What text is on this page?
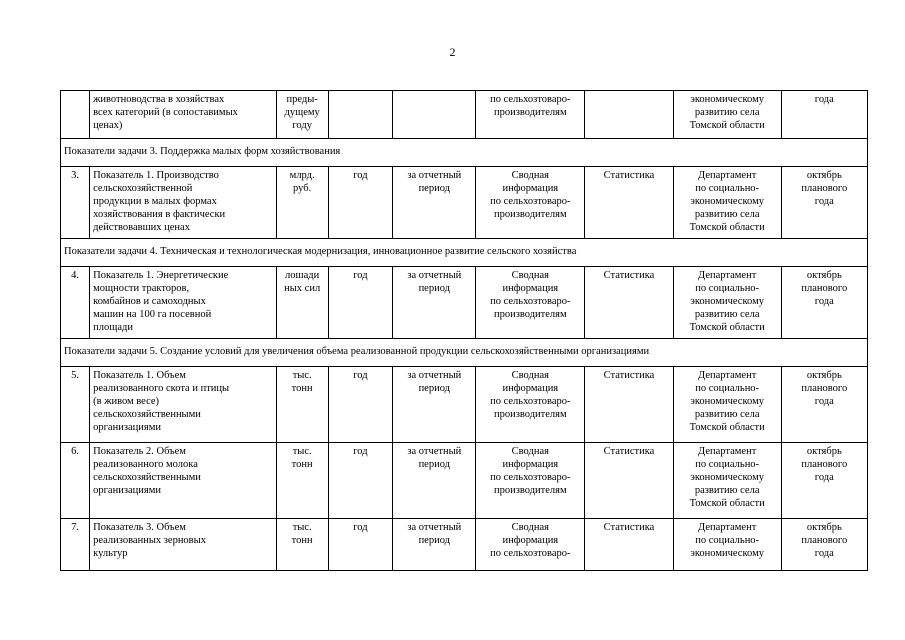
2
	животноводства в хозяйствах
всех категорий (в сопоставимых
ценах)	преды-
дущему
году			по сельхозтоваро-
производителям		экономическому
развитию села
Томской области	года
Показатели задачи 3. Поддержка малых форм хозяйствования								
3.	Показатель 1. Производство
сельскохозяйственной
продукции в малых формах
хозяйствования в фактически
действовавших ценах	млрд.
руб.	год	за отчетный
период	Сводная
информация
по сельхозтоваро-
производителям	Статистика	Департамент
по социально-
экономическому
развитию села
Томской области	октябрь
планового
года
Показатели задачи 4. Техническая и технологическая модернизация, инновационное развитие сельского хозяйства								
4.	Показатель 1. Энергетические
мощности тракторов,
комбайнов и самоходных
машин на 100 га посевной
площади	лошади
ных сил	год	за отчетный
период	Сводная
информация
по сельхозтоваро-
производителям	Статистика	Департамент
по социально-
экономическому
развитию села
Томской области	октябрь
планового
года
Показатели задачи 5. Создание условий для увеличения объема реализованной продукции сельскохозяйственными организациями								
5.	Показатель 1. Объем
реализованного скота и птицы
(в живом весе)
сельскохозяйственными
организациями	тыс.
тонн	год	за отчетный
период	Сводная
информация
по сельхозтоваро-
производителям	Статистика	Департамент
по социально-
экономическому
развитию села
Томской области	октябрь
планового
года
6.	Показатель 2. Объем
реализованного молока
сельскохозяйственными
организациями	тыс.
тонн	год	за отчетный
период	Сводная
информация
по сельхозтоваро-
производителям	Статистика	Департамент
по социально-
экономическому
развитию села
Томской области	октябрь
планового
года
7.	Показатель 3. Объем
реализованных зерновых
культур	тыс.
тонн	год	за отчетный
период	Сводная
информация
по сельхозтоваро-	Статистика	Департамент
по социально-
экономическому	октябрь
планового
года
